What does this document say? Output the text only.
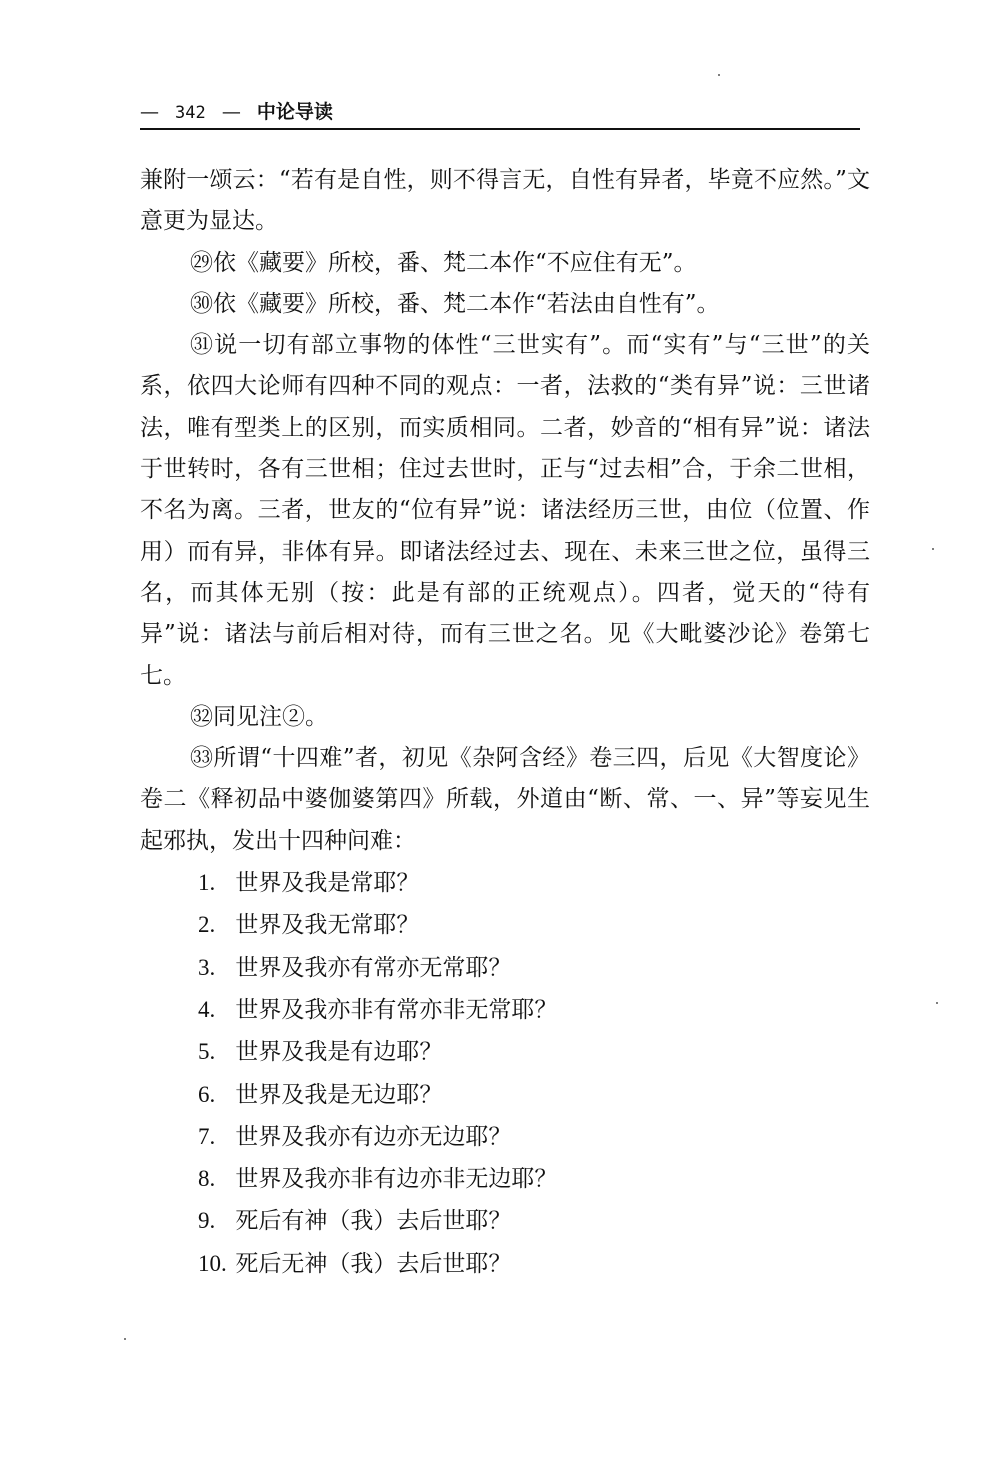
— 342 — 中论导读

兼附一颂云：“若有是自性，则不得言无，自性有异者，毕竟不应然。”文意更为显达。

㉙依《藏要》所校，番、梵二本作“不应住有无”。

㉚依《藏要》所校，番、梵二本作“若法由自性有”。

㉛说一切有部立事物的体性“三世实有”。而“实有”与“三世”的关系，依四大论师有四种不同的观点：一者，法救的“类有异”说：三世诸法，唯有型类上的区别，而实质相同。二者，妙音的“相有异”说：诸法于世转时，各有三世相；住过去世时，正与“过去相”合，于余二世相，不名为离。三者，世友的“位有异”说：诸法经历三世，由位（位置、作用）而有异，非体有异。即诸法经过去、现在、未来三世之位，虽得三名，而其体无别（按：此是有部的正统观点）。四者，觉天的“待有异”说：诸法与前后相对待，而有三世之名。见《大毗婆沙论》卷第七七。

㉜同见注②。

㉝所谓“十四难”者，初见《杂阿含经》卷三四，后见《大智度论》卷二《释初品中婆伽婆第四》所载，外道由“断、常、一、异”等妄见生起邪执，发出十四种问难：

1. 世界及我是常耶？

2. 世界及我无常耶？

3. 世界及我亦有常亦无常耶？

4. 世界及我亦非有常亦非无常耶？

5. 世界及我是有边耶？

6. 世界及我是无边耶？

7. 世界及我亦有边亦无边耶？

8. 世界及我亦非有边亦非无边耶？

9. 死后有神（我）去后世耶？

10. 死后无神（我）去后世耶？
